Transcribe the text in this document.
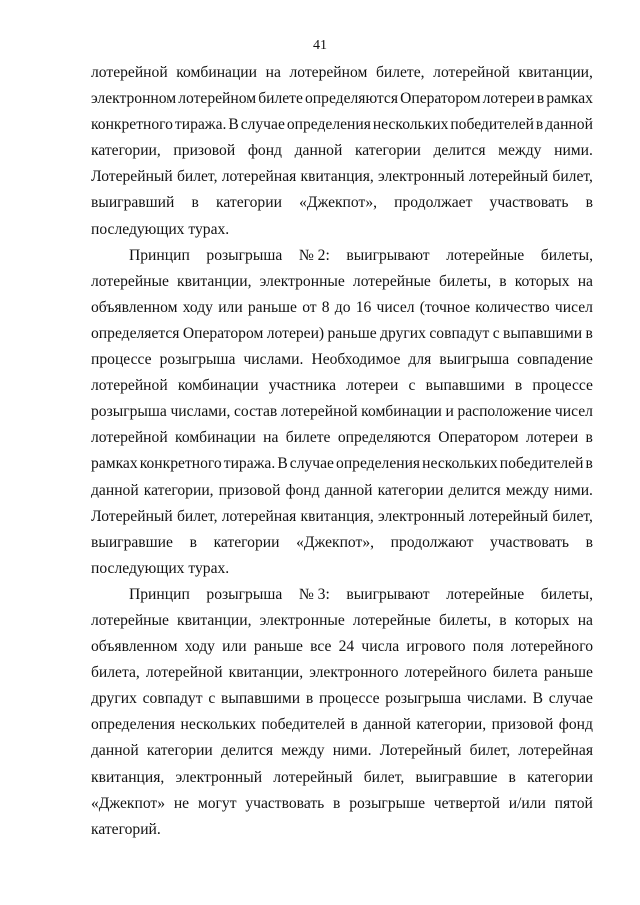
41
лотерейной комбинации на лотерейном билете, лотерейной квитанции,
электронном лотерейном билете определяются Оператором лотереи в рамках
конкретного тиража. В случае определения нескольких победителей в данной
категории, призовой фонд данной категории делится между ними.
Лотерейный билет, лотерейная квитанция, электронный лотерейный билет,
выигравший в категории «Джекпот», продолжает участвовать в
последующих турах.
Принцип розыгрыша № 2: выигрывают лотерейные билеты,
лотерейные квитанции, электронные лотерейные билеты, в которых на
объявленном ходу или раньше от 8 до 16 чисел (точное количество чисел
определяется Оператором лотереи) раньше других совпадут с выпавшими в
процессе розыгрыша числами. Необходимое для выигрыша совпадение
лотерейной комбинации участника лотереи с выпавшими в процессе
розыгрыша числами, состав лотерейной комбинации и расположение чисел
лотерейной комбинации на билете определяются Оператором лотереи в
рамках конкретного тиража. В случае определения нескольких победителей в
данной категории, призовой фонд данной категории делится между ними.
Лотерейный билет, лотерейная квитанция, электронный лотерейный билет,
выигравшие в категории «Джекпот», продолжают участвовать в
последующих турах.
Принцип розыгрыша № 3: выигрывают лотерейные билеты,
лотерейные квитанции, электронные лотерейные билеты, в которых на
объявленном ходу или раньше все 24 числа игрового поля лотерейного
билета, лотерейной квитанции, электронного лотерейного билета раньше
других совпадут с выпавшими в процессе розыгрыша числами. В случае
определения нескольких победителей в данной категории, призовой фонд
данной категории делится между ними. Лотерейный билет, лотерейная
квитанция, электронный лотерейный билет, выигравшие в категории
«Джекпот» не могут участвовать в розыгрыше четвертой и/или пятой
категорий.
